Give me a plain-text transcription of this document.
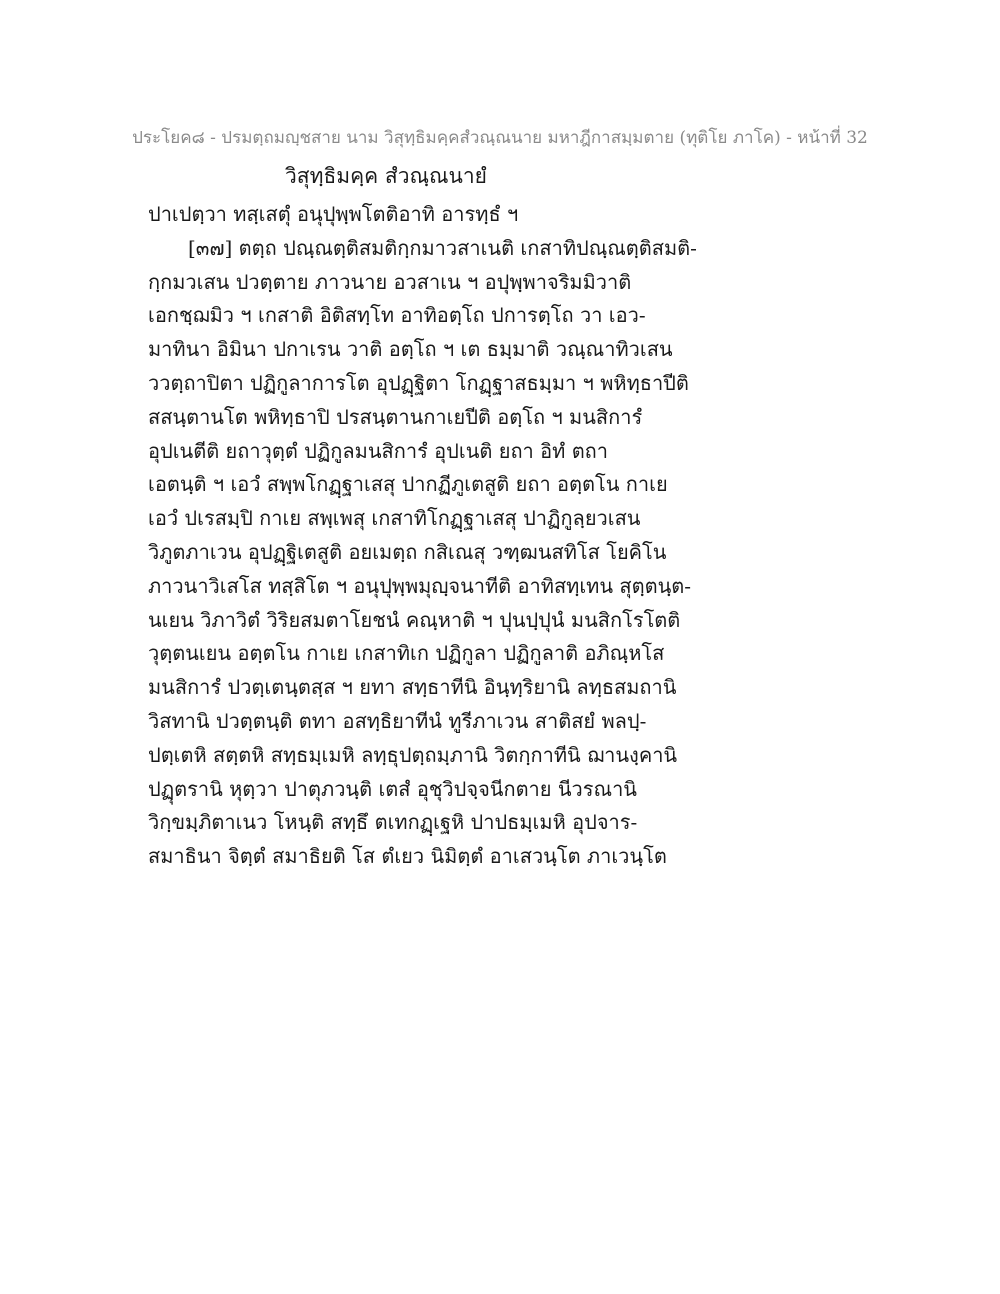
ประโยค๘ - ปรมตฺถมญฺชสาย นาม วิสุทฺธิมคฺคสํวณฺณนาย มหาฎีกาสมฺมตาย (ทุติโย ภาโค) - หน้าที่ 32
วิสุทฺธิมคฺค สํวณฺณนายํ
ปาเปตฺวา ทสฺเสตุํ อนุปุพฺพโตติอาทิ อารทฺธํ ฯ
[๓๗] ตตฺถ ปณฺณตฺติสมติกฺกมาวสาเนติ เกสาทิปณฺณตฺติสมติ-
กฺกมวเสน ปวตฺตาย ภาวนาย อวสาเน ฯ อปุพฺพาจริมมิวาติ
เอกชฺฌมิว ฯ เกสาติ อิติสทฺโท อาทิอตฺโถ ปการตฺโถ วา เอว-
มาทินา อิมินา ปกาเรน วาติ อตฺโถ ฯ เต ธมฺมาติ วณฺณาทิวเสน
ววตฺถาปิตา ปฏิกูลาการโต อุปฏฺฐิตา โกฏฺฐาสธมฺมา ฯ พหิทฺธาปีติ
สสนฺตานโต พหิทฺธาปิ ปรสนฺตานกาเยปีติ อตฺโถ ฯ มนสิการํ
อุปเนตีติ ยถาวุตฺตํ ปฏิกูลมนสิการํ อุปเนติ ยถา อิทํ ตถา
เอตนฺติ ฯ เอวํ สพฺพโกฏฺฐาเสสุ ปากฏีภูเตสูติ ยถา อตฺตโน กาเย
เอวํ ปเรสมฺปิ กาเย สพฺเพสุ เกสาทิโกฏฺฐาเสสุ ปาฏิกูลฺยวเสน
วิภูตภาเวน อุปฏฺฐิเตสูติ อยเมตฺถ กสิเณสุ วฑฺฒนสทิโส โยคิโน
ภาวนาวิเสโส ทสฺสิโต ฯ อนุปุพฺพมุญฺจนาทีติ อาทิสทฺเทน สุตฺตนฺต-
นเยน วิภาวิตํ วิริยสมตาโยชนํ คณฺหาติ ฯ ปุนปฺปุนํ มนสิกโรโตติ
วุตฺตนเยน อตฺตโน กาเย เกสาทิเก ปฏิกูลา ปฏิกูลาติ อภิณฺหโส
มนสิการํ ปวตฺเตนฺตสฺส ฯ ยทา สทฺธาทีนิ อินฺทฺริยานิ ลทฺธสมถานิ
วิสทานิ ปวตฺตนฺติ ตทา อสทฺธิยาทีนํ ทูรีภาเวน สาติสยํ พลปฺ-
ปตฺเตหิ สตฺตหิ สทฺธมฺเมหิ ลทฺธุปตฺถมฺภานิ วิตกฺกาทีนิ ฌานงฺคานิ
ปฏุตรานิ หุตฺวา ปาตุภวนฺติ เตสํ อุชุวิปจฺจนีกตาย นีวรณานิ
วิกฺขมฺภิตาเนว โหนฺติ สทฺธึ ตเทกฏฺเฐหิ ปาปธมฺเมหิ อุปจาร-
สมาธินา จิตฺตํ สมาธิยติ โส ตํเยว นิมิตฺตํ อาเสวนฺโต ภาเวนฺโต
